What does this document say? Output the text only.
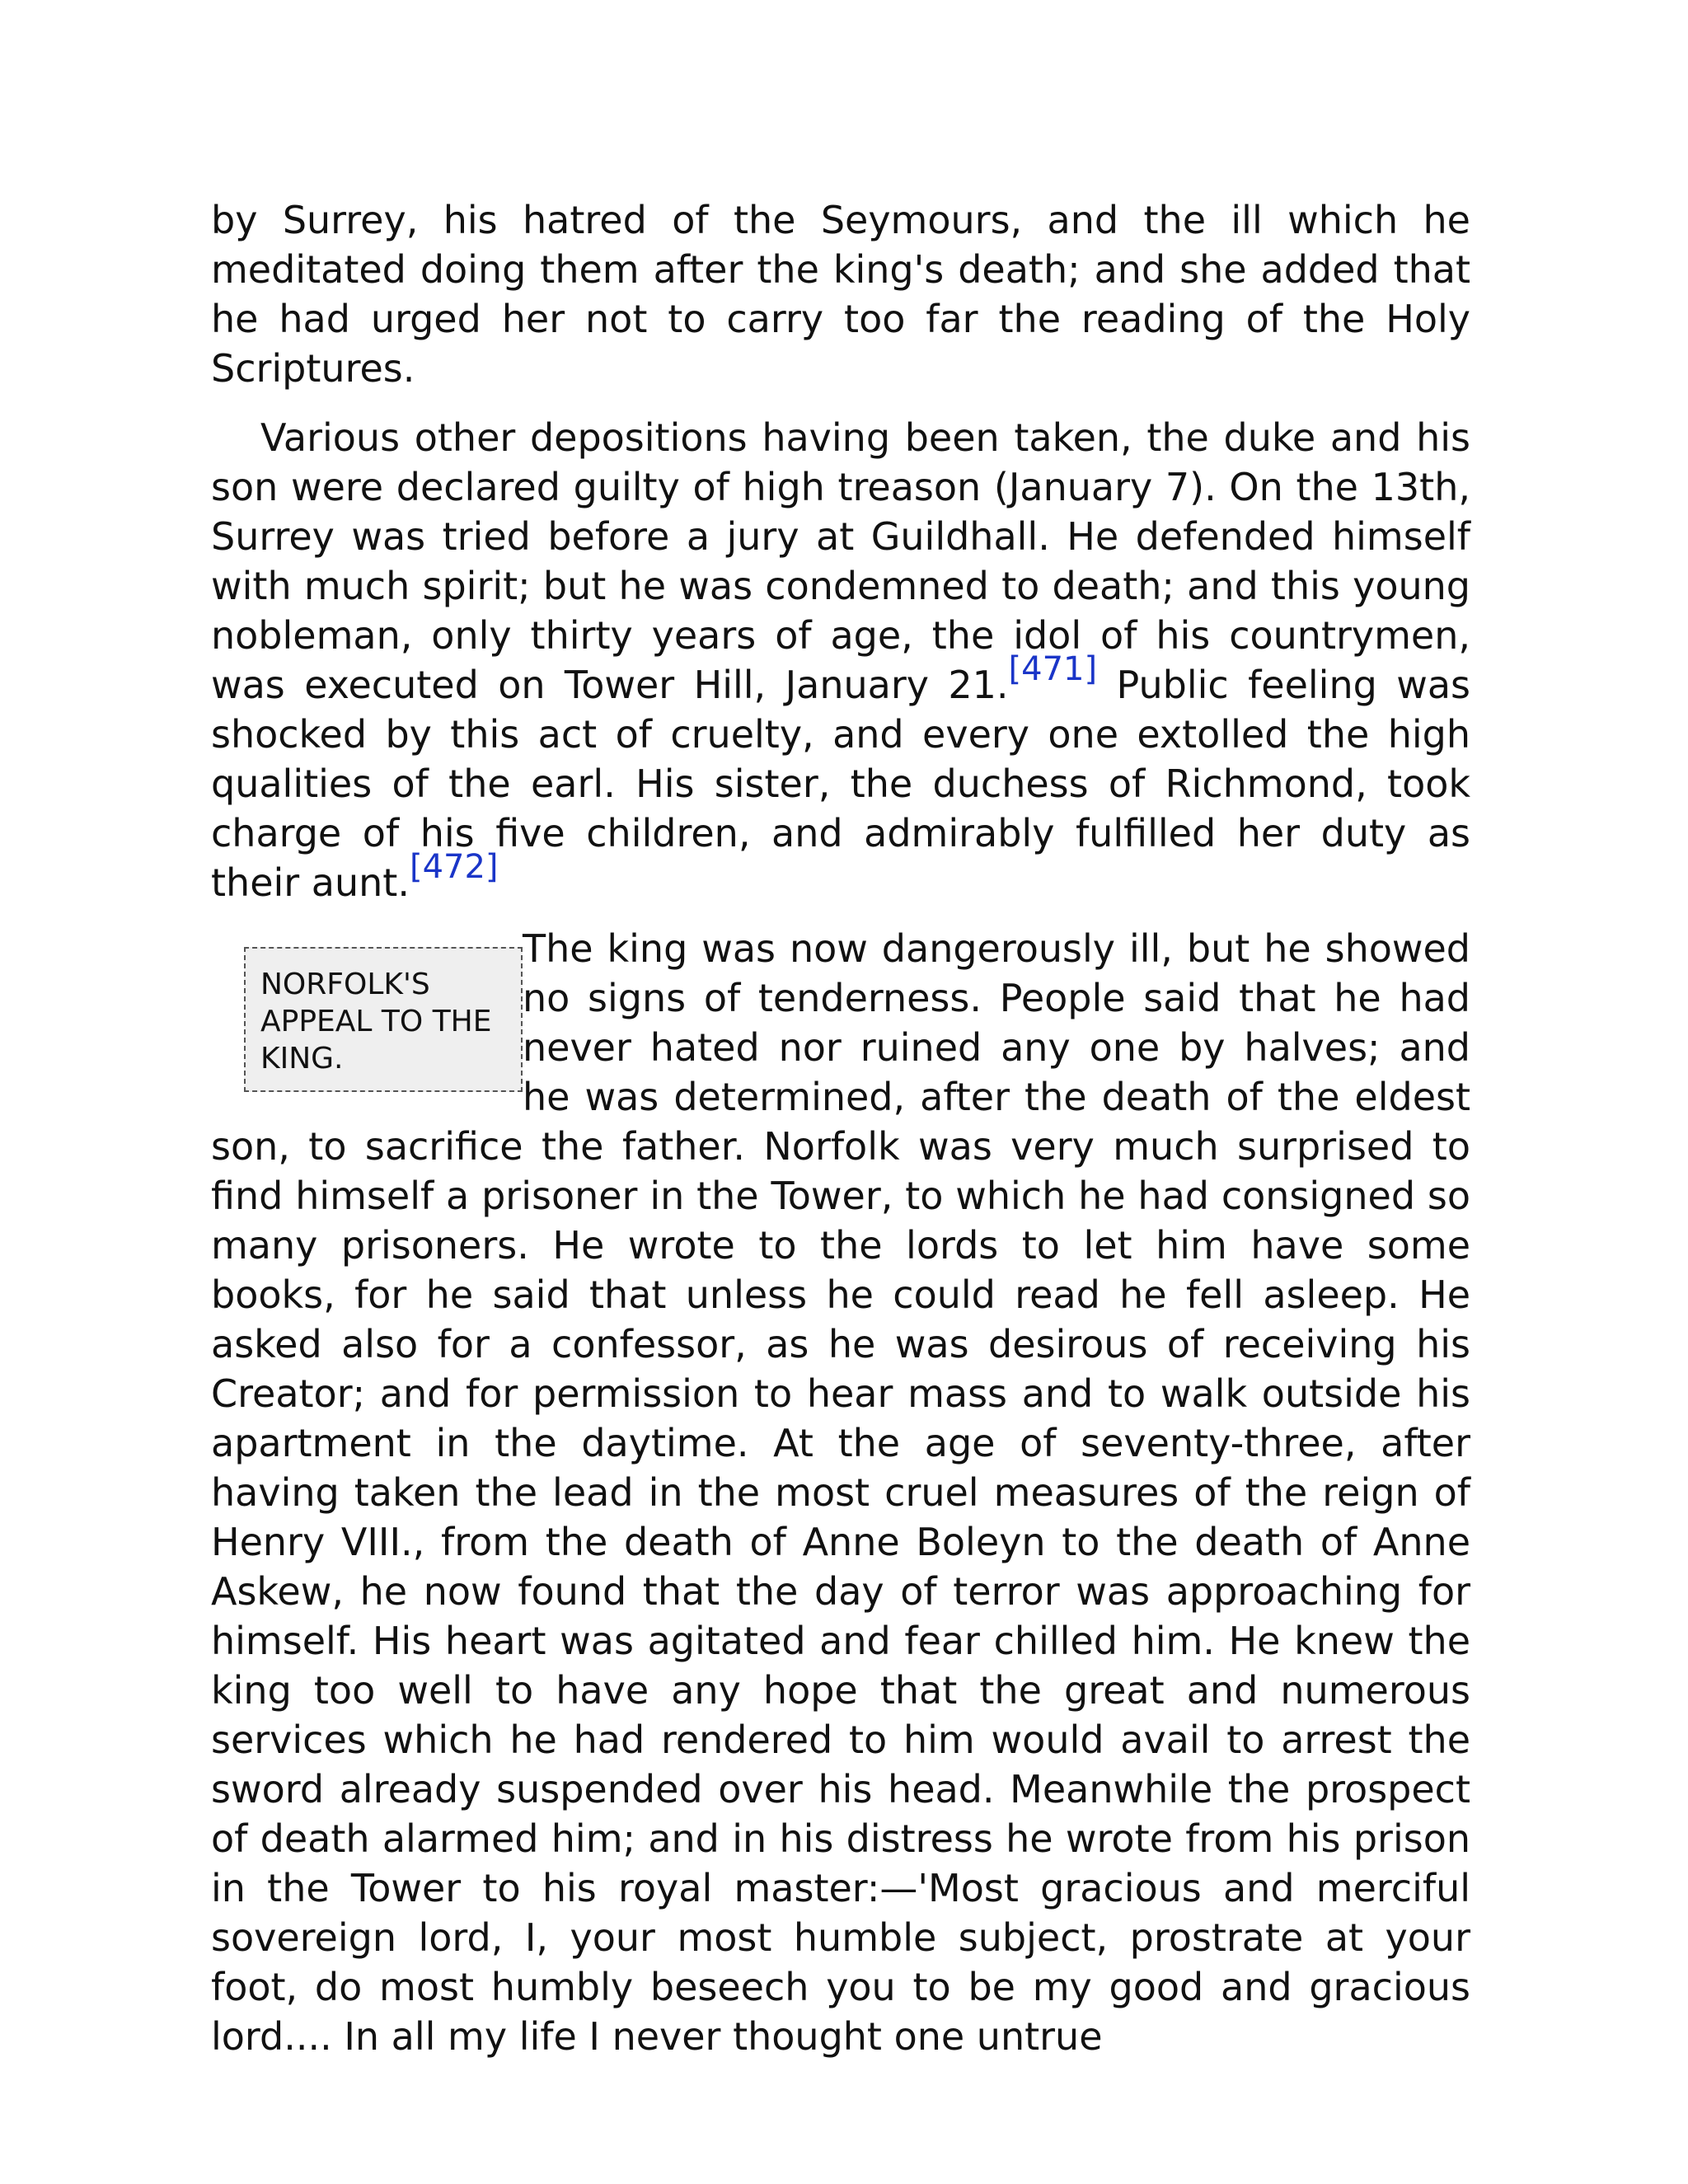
by Surrey, his hatred of the Seymours, and the ill which he meditated doing them after the king's death; and she added that he had urged her not to carry too far the reading of the Holy Scriptures.

Various other depositions having been taken, the duke and his son were declared guilty of high treason (January 7). On the 13th, Surrey was tried before a jury at Guildhall. He defended himself with much spirit; but he was condemned to death; and this young nobleman, only thirty years of age, the idol of his countrymen, was executed on Tower Hill, January 21.[471] Public feeling was shocked by this act of cruelty, and every one extolled the high qualities of the earl. His sister, the duchess of Richmond, took charge of his five children, and admirably fulfilled her duty as their aunt.[472]

NORFOLK'S APPEAL TO THE KING.
The king was now dangerously ill, but he showed no signs of tenderness. People said that he had never hated nor ruined any one by halves; and he was determined, after the death of the eldest son, to sacrifice the father. Norfolk was very much surprised to find himself a prisoner in the Tower, to which he had consigned so many prisoners. He wrote to the lords to let him have some books, for he said that unless he could read he fell asleep. He asked also for a confessor, as he was desirous of receiving his Creator; and for permission to hear mass and to walk outside his apartment in the daytime. At the age of seventy-three, after having taken the lead in the most cruel measures of the reign of Henry VIII., from the death of Anne Boleyn to the death of Anne Askew, he now found that the day of terror was approaching for himself. His heart was agitated and fear chilled him. He knew the king too well to have any hope that the great and numerous services which he had rendered to him would avail to arrest the sword already suspended over his head. Meanwhile the prospect of death alarmed him; and in his distress he wrote from his prison in the Tower to his royal master:—'Most gracious and merciful sovereign lord, I, your most humble subject, prostrate at your foot, do most humbly beseech you to be my good and gracious lord.... In all my life I never thought one untrue
